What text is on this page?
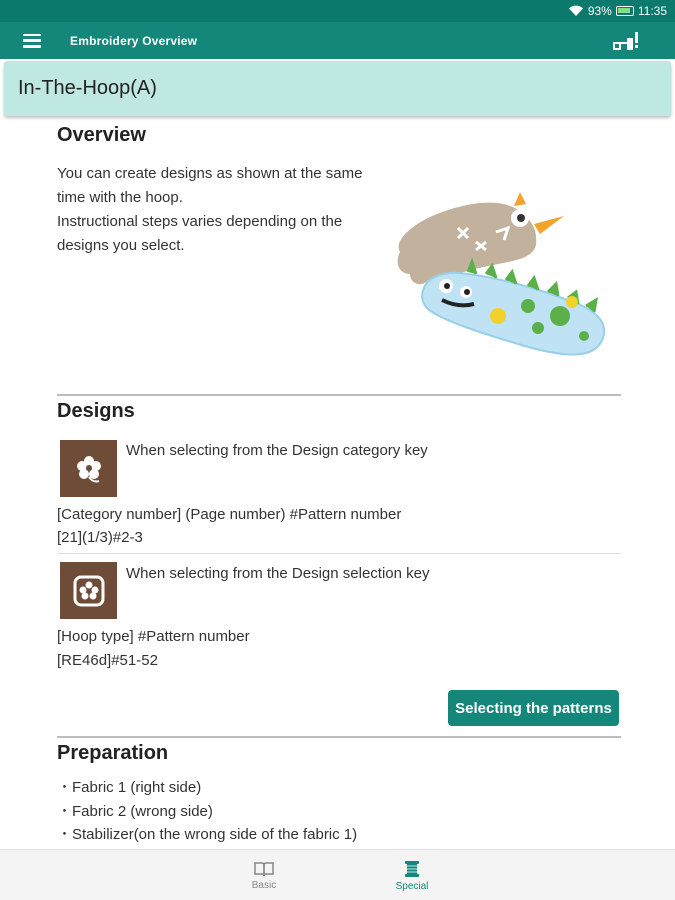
93% 11:35
Embroidery Overview
In-The-Hoop(A)
Overview
You can create designs as shown at the same
time with the hoop.
Instructional steps varies depending on the
designs you select.
Designs
When selecting from the Design category key
[Category number] (Page number) #Pattern number
[21](1/3)#2-3
When selecting from the Design selection key
[Hoop type] #Pattern number
[RE46d]#51-52
Selecting the patterns
Preparation
・Fabric 1 (right side)
・Fabric 2 (wrong side)
・Stabilizer(on the wrong side of the fabric 1)
Basic	Special
